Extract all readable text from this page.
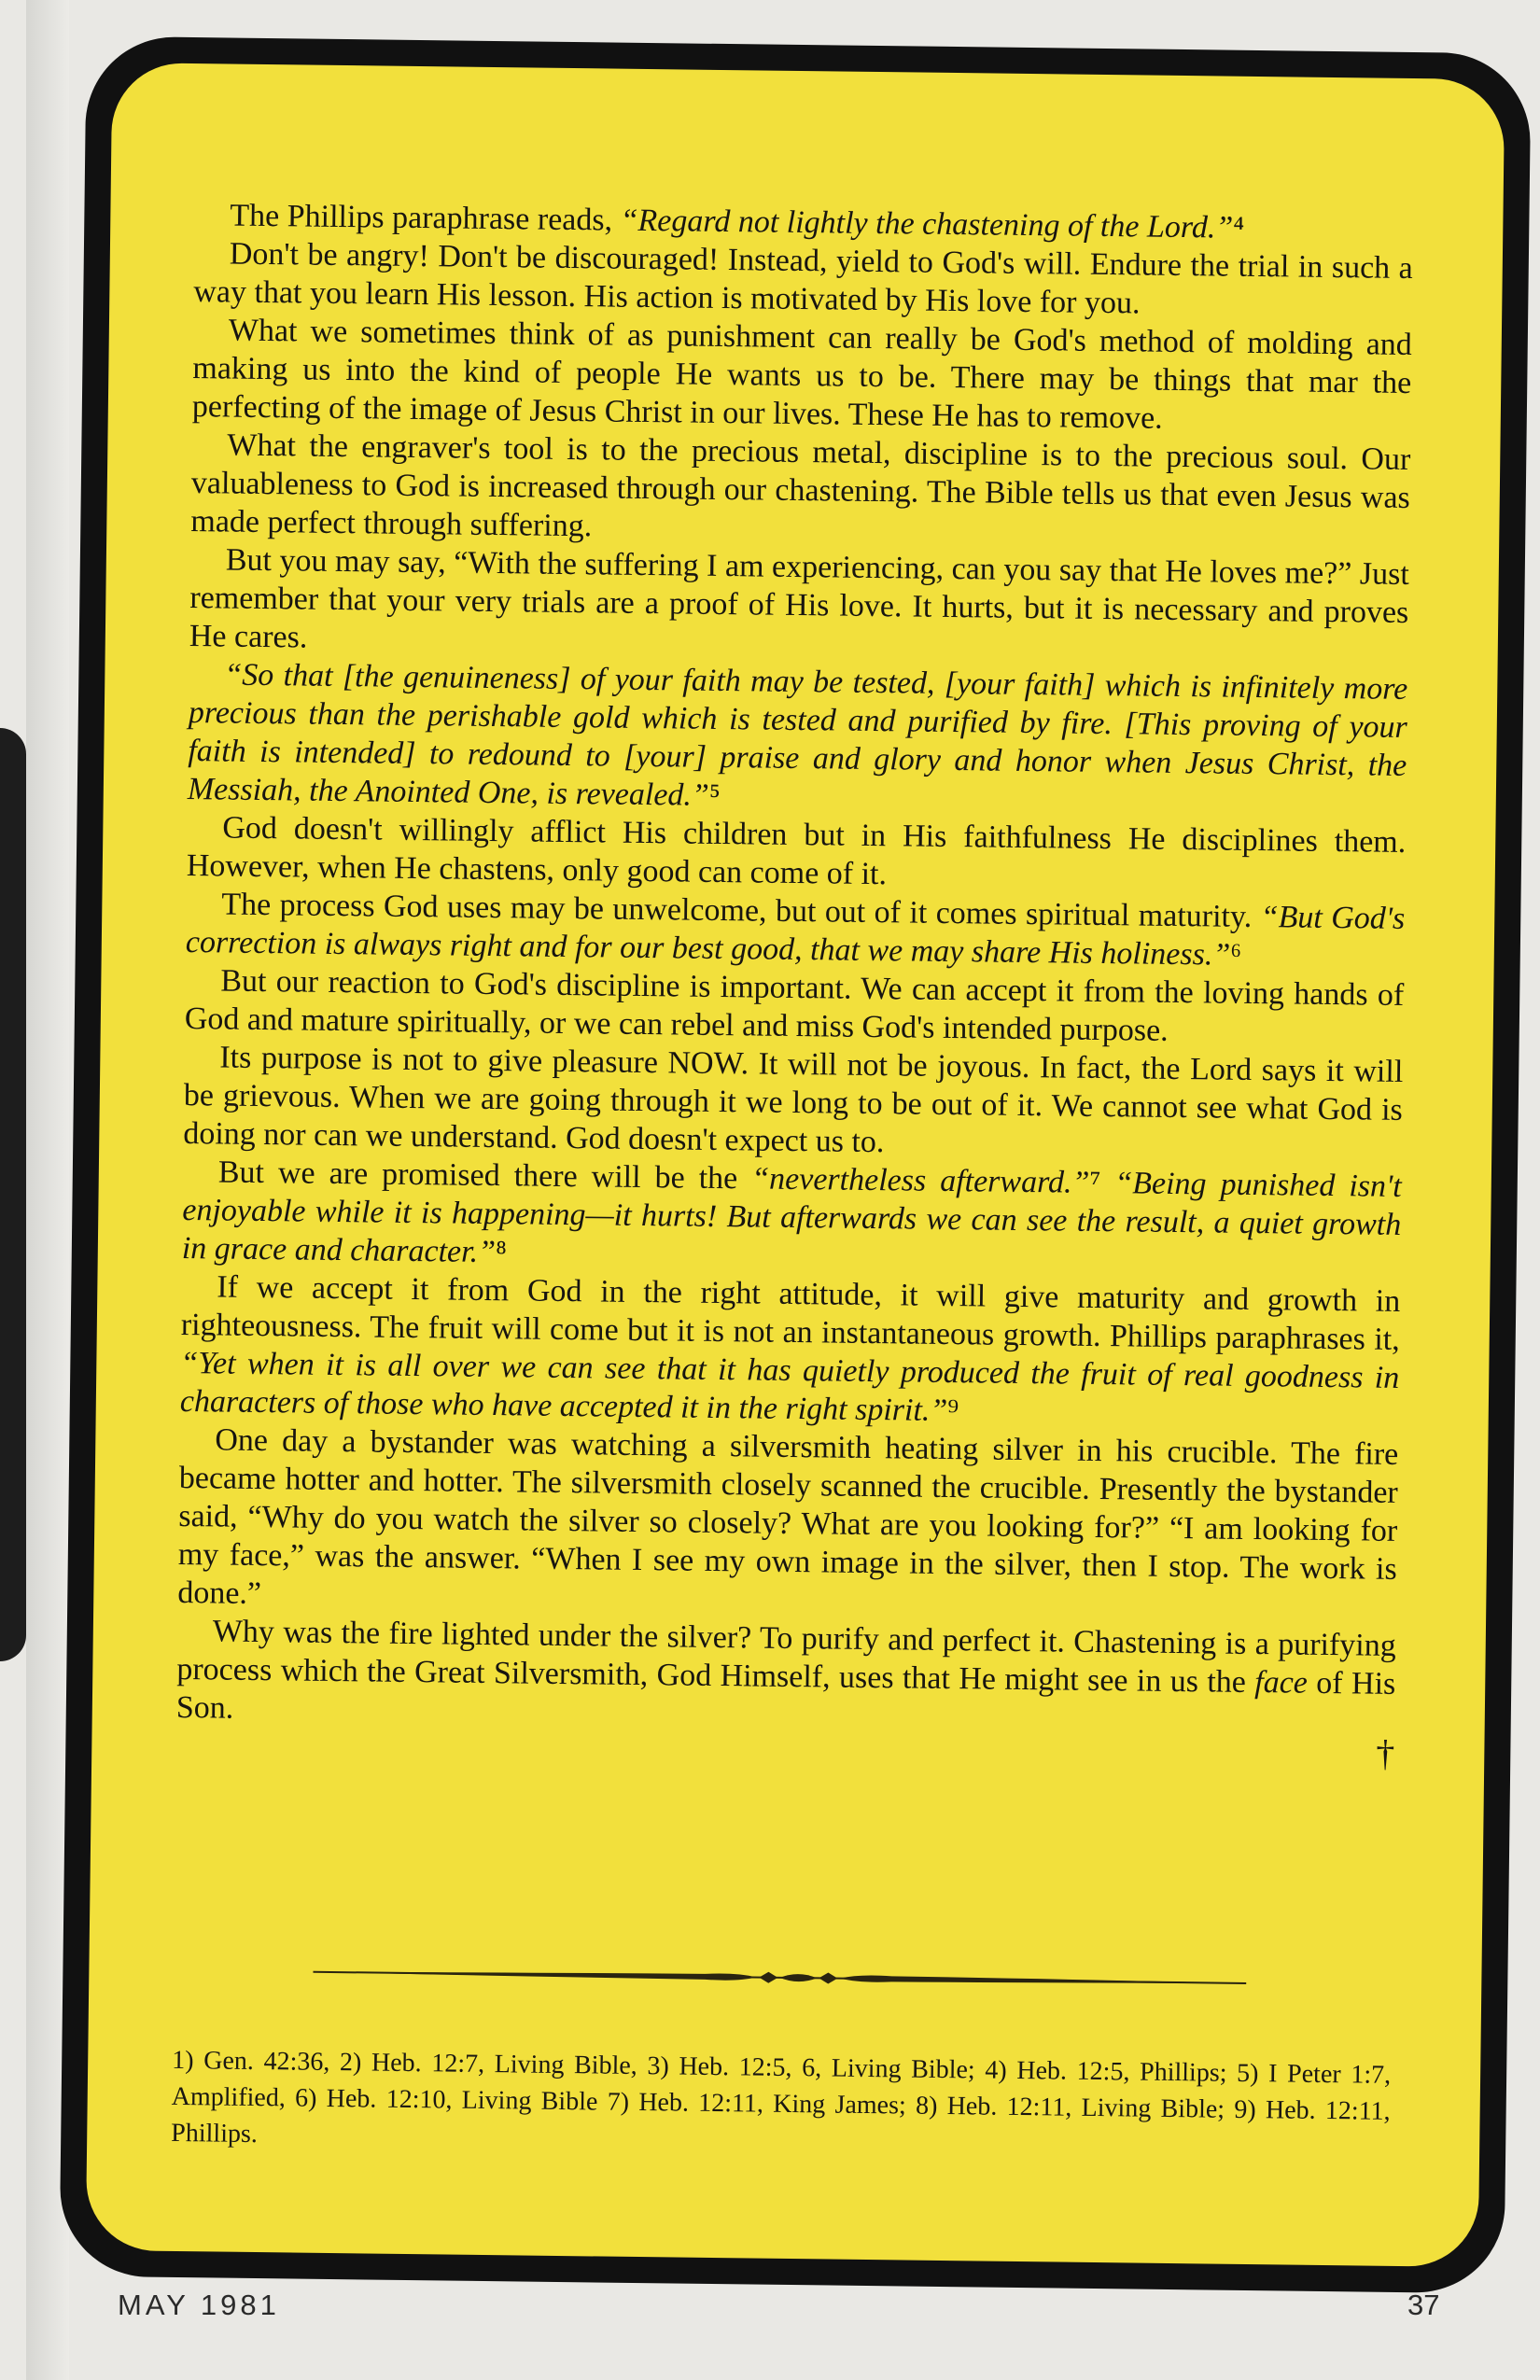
The Phillips paraphrase reads, “Regard not lightly the chastening of the Lord.”⁴

Don't be angry! Don't be discouraged! Instead, yield to God's will. Endure the trial in such a way that you learn His lesson. His action is motivated by His love for you.

What we sometimes think of as punishment can really be God's method of molding and making us into the kind of people He wants us to be. There may be things that mar the perfecting of the image of Jesus Christ in our lives. These He has to remove.

What the engraver's tool is to the precious metal, discipline is to the precious soul. Our valuableness to God is increased through our chastening. The Bible tells us that even Jesus was made perfect through suffering.

But you may say, “With the suffering I am experiencing, can you say that He loves me?” Just remember that your very trials are a proof of His love. It hurts, but it is necessary and proves He cares.

“So that [the genuineness] of your faith may be tested, [your faith] which is infinitely more precious than the perishable gold which is tested and purified by fire. [This proving of your faith is intended] to redound to [your] praise and glory and honor when Jesus Christ, the Messiah, the Anointed One, is revealed.”⁵

God doesn't willingly afflict His children but in His faithfulness He disciplines them. However, when He chastens, only good can come of it.

The process God uses may be unwelcome, but out of it comes spiritual maturity. “But God's correction is always right and for our best good, that we may share His holiness.”⁶

But our reaction to God's discipline is important. We can accept it from the loving hands of God and mature spiritually, or we can rebel and miss God's intended purpose.

Its purpose is not to give pleasure NOW. It will not be joyous. In fact, the Lord says it will be grievous. When we are going through it we long to be out of it. We cannot see what God is doing nor can we understand. God doesn't expect us to.

But we are promised there will be the “nevertheless afterward.”⁷ “Being punished isn't enjoyable while it is happening—it hurts! But afterwards we can see the result, a quiet growth in grace and character.”⁸

If we accept it from God in the right attitude, it will give maturity and growth in righteousness. The fruit will come but it is not an instantaneous growth. Phillips paraphrases it, “Yet when it is all over we can see that it has quietly produced the fruit of real goodness in characters of those who have accepted it in the right spirit.”⁹

One day a bystander was watching a silversmith heating silver in his crucible. The fire became hotter and hotter. The silversmith closely scanned the crucible. Presently the bystander said, “Why do you watch the silver so closely? What are you looking for?” “I am looking for my face,” was the answer. “When I see my own image in the silver, then I stop. The work is done.”

Why was the fire lighted under the silver? To purify and perfect it. Chastening is a purifying process which the Great Silversmith, God Himself, uses that He might see in us the face of His Son.

†
1) Gen. 42:36, 2) Heb. 12:7, Living Bible, 3) Heb. 12:5, 6, Living Bible; 4) Heb. 12:5, Phillips; 5) I Peter 1:7, Amplified, 6) Heb. 12:10, Living Bible 7) Heb. 12:11, King James; 8) Heb. 12:11, Living Bible; 9) Heb. 12:11, Phillips.
MAY 1981	37
